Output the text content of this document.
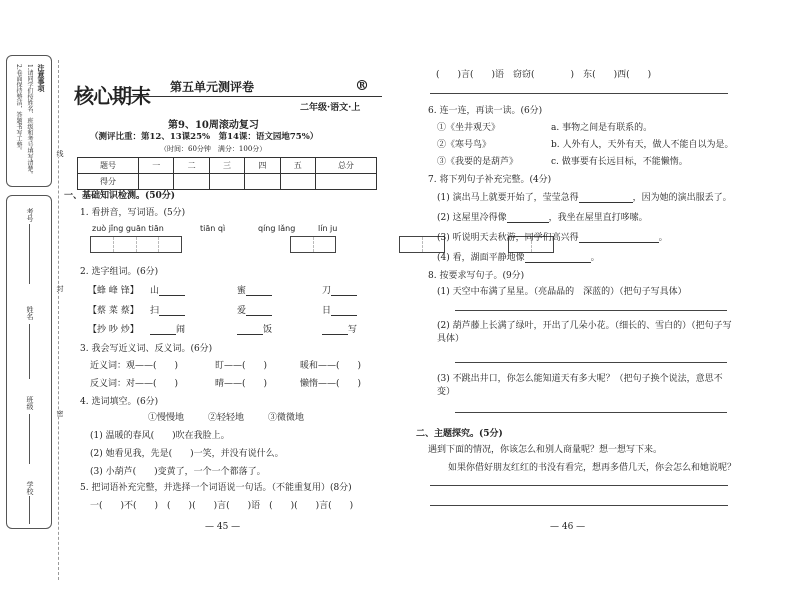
注意事项
1.请同学们按姓名、班级和考号填写清楚。
2.卷面保持整洁，答题书写工整。
考号
姓名
班级
学校
线
封
密
核心期末 第五单元测评卷	®
二年级·语文·上
第9、10周滚动复习
（测评比重：第12、13课25%　第14课：语文园地75%）
（时间：60分钟　满分：100分）
题号	一	二	三	四	五	总分
得分						
一、基础知识检测。(50分)
1. 看拼音，写词语。(5分)
zuò jǐng guān tiān	tiān qì	qíng lǎng	lín ju

2. 选字组词。(6分)
【蜂 峰 锋】 山	蜜	刀
【蔡 菜 蔡】 扫	爱	日
【抄 吵 炒】	闹	饭	写
3. 我会写近义词、反义词。(6分)
近义词：观——(　　)	盯——(　　)	暖和——(　　)
反义词：对——(　　)	晴——(　　)	懒惰——(　　)
4. 选词填空。(6分)
①慢慢地	②轻轻地	③微微地
(1) 温暖的春风(　　)吹在我脸上。
(2) 她看见我，先是(　　)一笑，并没有说什么。
(3) 小葫芦(　　)变黄了，一个一个都落了。
5. 把词语补充完整，并选择一个词语说一句话。（不能重复用）(8分)
一(　　)不(　　)　(　　)(　　)言(　　)语　(　　)(　　)言(　　)
— 45 —
(　　)言(　　)语　窃窃(　　　　)　东(　　)西(　　)
6. 连一连，再读一读。(6分)
①《坐井观天》
②《寒号鸟》
③《我要的是葫芦》
a. 事物之间是有联系的。
b. 人外有人，天外有天，做人不能自以为是。
c. 做事要有长远目标，不能懒惰。
7. 将下列句子补充完整。(4分)
(1) 演出马上就要开始了，莹莹急得	，因为她的演出服丢了。
(2) 这屋里冷得像	，我坐在屋里直打哆嗦。
(3) 听说明天去秋游，同学们高兴得	。
(4) 看，湖面平静地像	。
8. 按要求写句子。(9分)
(1) 天空中布满了星星。（亮晶晶的　深蓝的）（把句子写具体）
(2) 葫芦藤上长满了绿叶，开出了几朵小花。（细长的、雪白的）（把句子写具体）
(3) 不跳出井口，你怎么能知道天有多大呢？（把句子换个说法，意思不变）
二、主题探究。(5分)
遇到下面的情况，你该怎么和别人商量呢？想一想写下来。
如果你借好朋友红红的书没有看完，想再多借几天，你会怎么和她说呢？
— 46 —
